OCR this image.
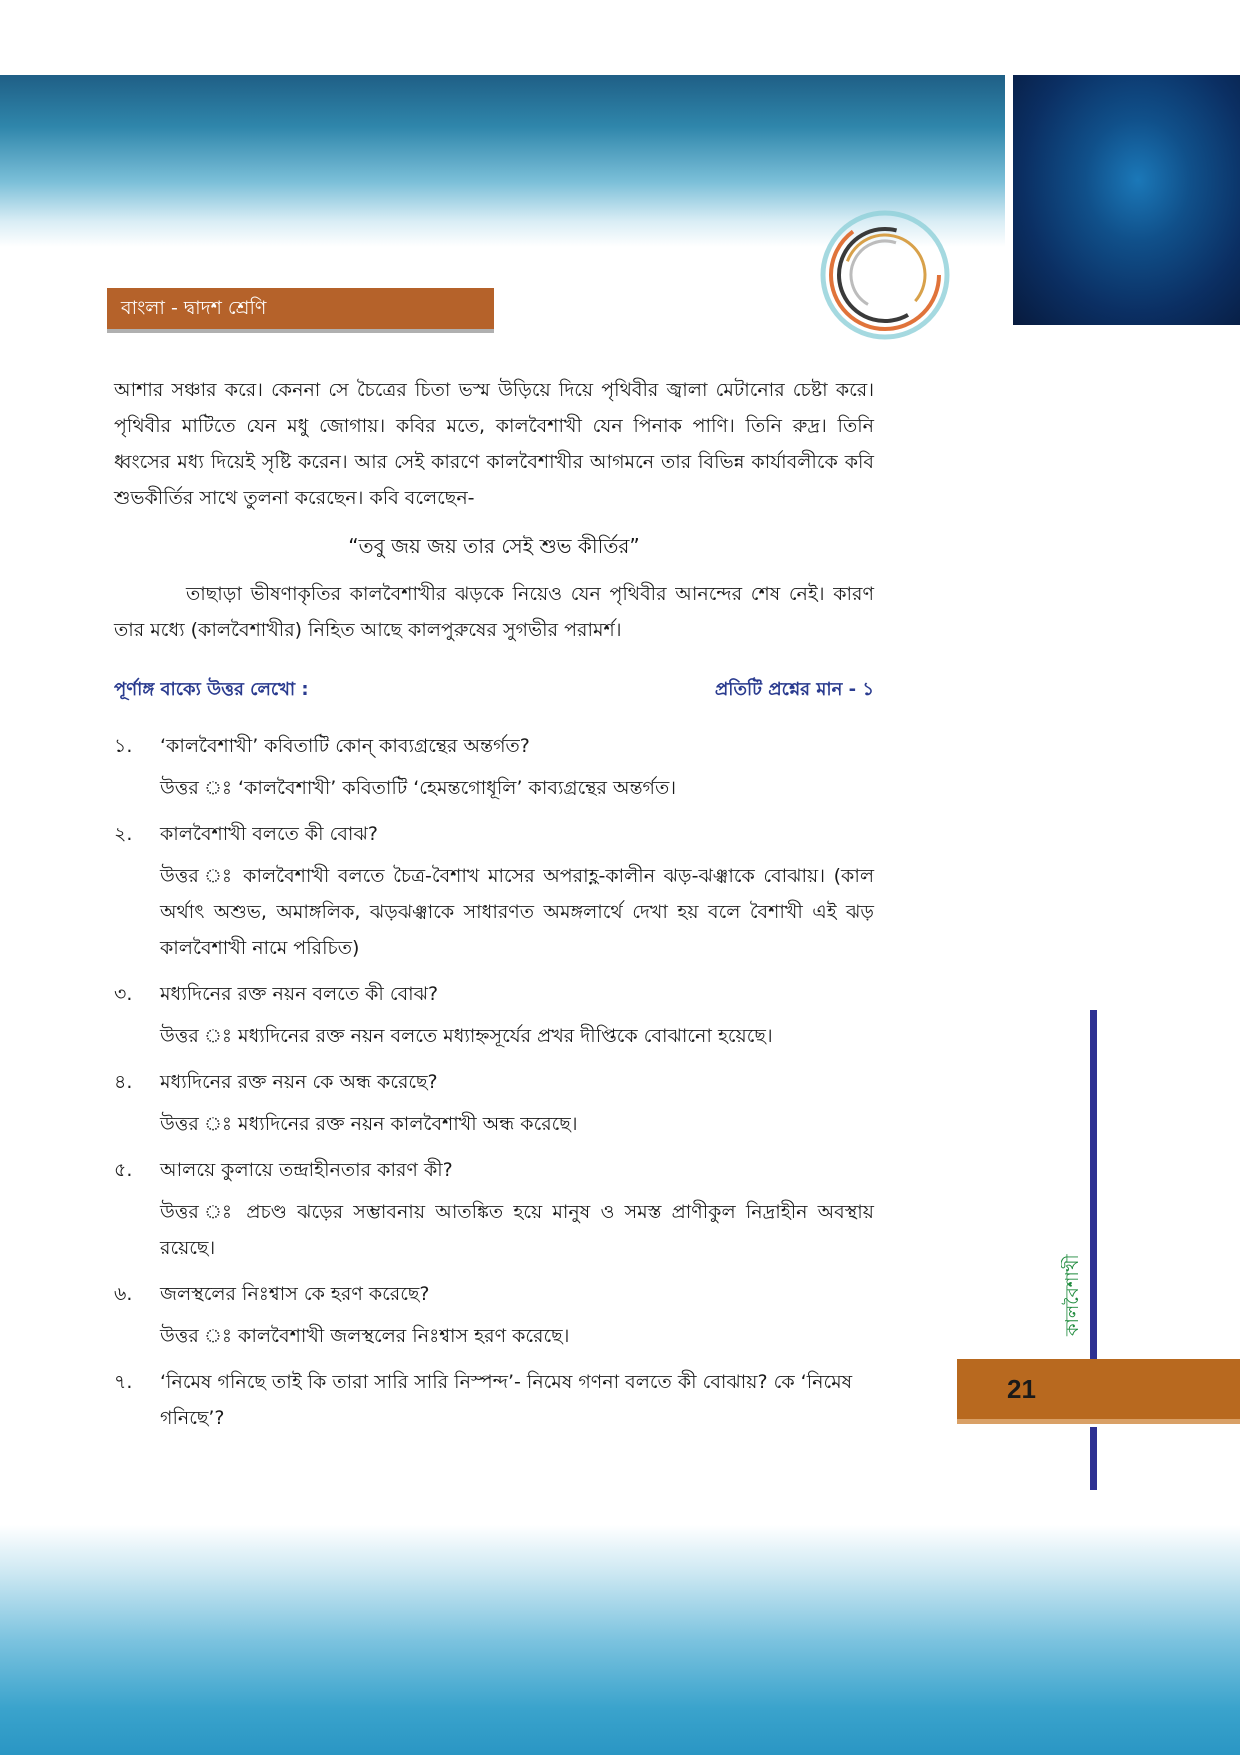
বাংলা - দ্বাদশ শ্রেণি

আশার সঞ্চার করে। কেননা সে চৈত্রের চিতা ভস্ম উড়িয়ে দিয়ে পৃথিবীর জ্বালা মেটানোর চেষ্টা করে। পৃথিবীর মাটিতে যেন মধু জোগায়। কবির মতে, কালবৈশাখী যেন পিনাক পাণি। তিনি রুদ্র। তিনি ধ্বংসের মধ্য দিয়েই সৃষ্টি করেন। আর সেই কারণে কালবৈশাখীর আগমনে তার বিভিন্ন কার্যাবলীকে কবি শুভকীর্তির সাথে তুলনা করেছেন। কবি বলেছেন-

“তবু জয় জয় তার সেই শুভ কীর্তির”

তাছাড়া ভীষণাকৃতির কালবৈশাখীর ঝড়কে নিয়েও যেন পৃথিবীর আনন্দের শেষ নেই। কারণ তার মধ্যে (কালবৈশাখীর) নিহিত আছে কালপুরুষের সুগভীর পরামর্শ।

পূর্ণাঙ্গ বাক্যে উত্তর লেখো :	প্রতিটি প্রশ্নের মান - ১
১.	‘কালবৈশাখী’ কবিতাটি কোন্ কাব্যগ্রন্থের অন্তর্গত?
উত্তর ঃ ‘কালবৈশাখী’ কবিতাটি ‘হেমন্তগোধূলি’ কাব্যগ্রন্থের অন্তর্গত।
২.	কালবৈশাখী বলতে কী বোঝ?
উত্তর ঃ কালবৈশাখী বলতে চৈত্র-বৈশাখ মাসের অপরাহ্ণ-কালীন ঝড়-ঝঞ্ঝাকে বোঝায়। (কাল অর্থাৎ অশুভ, অমাঙ্গলিক, ঝড়ঝঞ্ঝাকে সাধারণত অমঙ্গলার্থে দেখা হয় বলে বৈশাখী এই ঝড় কালবৈশাখী নামে পরিচিত)
৩.	মধ্যদিনের রক্ত নয়ন বলতে কী বোঝ?
উত্তর ঃ মধ্যদিনের রক্ত নয়ন বলতে মধ্যাহ্নসূর্যের প্রখর দীপ্তিকে বোঝানো হয়েছে।
৪.	মধ্যদিনের রক্ত নয়ন কে অন্ধ করেছে?
উত্তর ঃ মধ্যদিনের রক্ত নয়ন কালবৈশাখী অন্ধ করেছে।
৫.	আলয়ে কুলায়ে তন্দ্রাহীনতার কারণ কী?
উত্তর ঃ প্রচণ্ড ঝড়ের সম্ভাবনায় আতঙ্কিত হয়ে মানুষ ও সমস্ত প্রাণীকুল নিদ্রাহীন অবস্থায় রয়েছে।
৬.	জলস্থলের নিঃশ্বাস কে হরণ করেছে?
উত্তর ঃ কালবৈশাখী জলস্থলের নিঃশ্বাস হরণ করেছে।
৭.	‘নিমেষ গনিছে তাই কি তারা সারি সারি নিস্পন্দ’- নিমেষ গণনা বলতে কী বোঝায়? কে ‘নিমেষ গনিছে’?
কালবৈশাখী
21
